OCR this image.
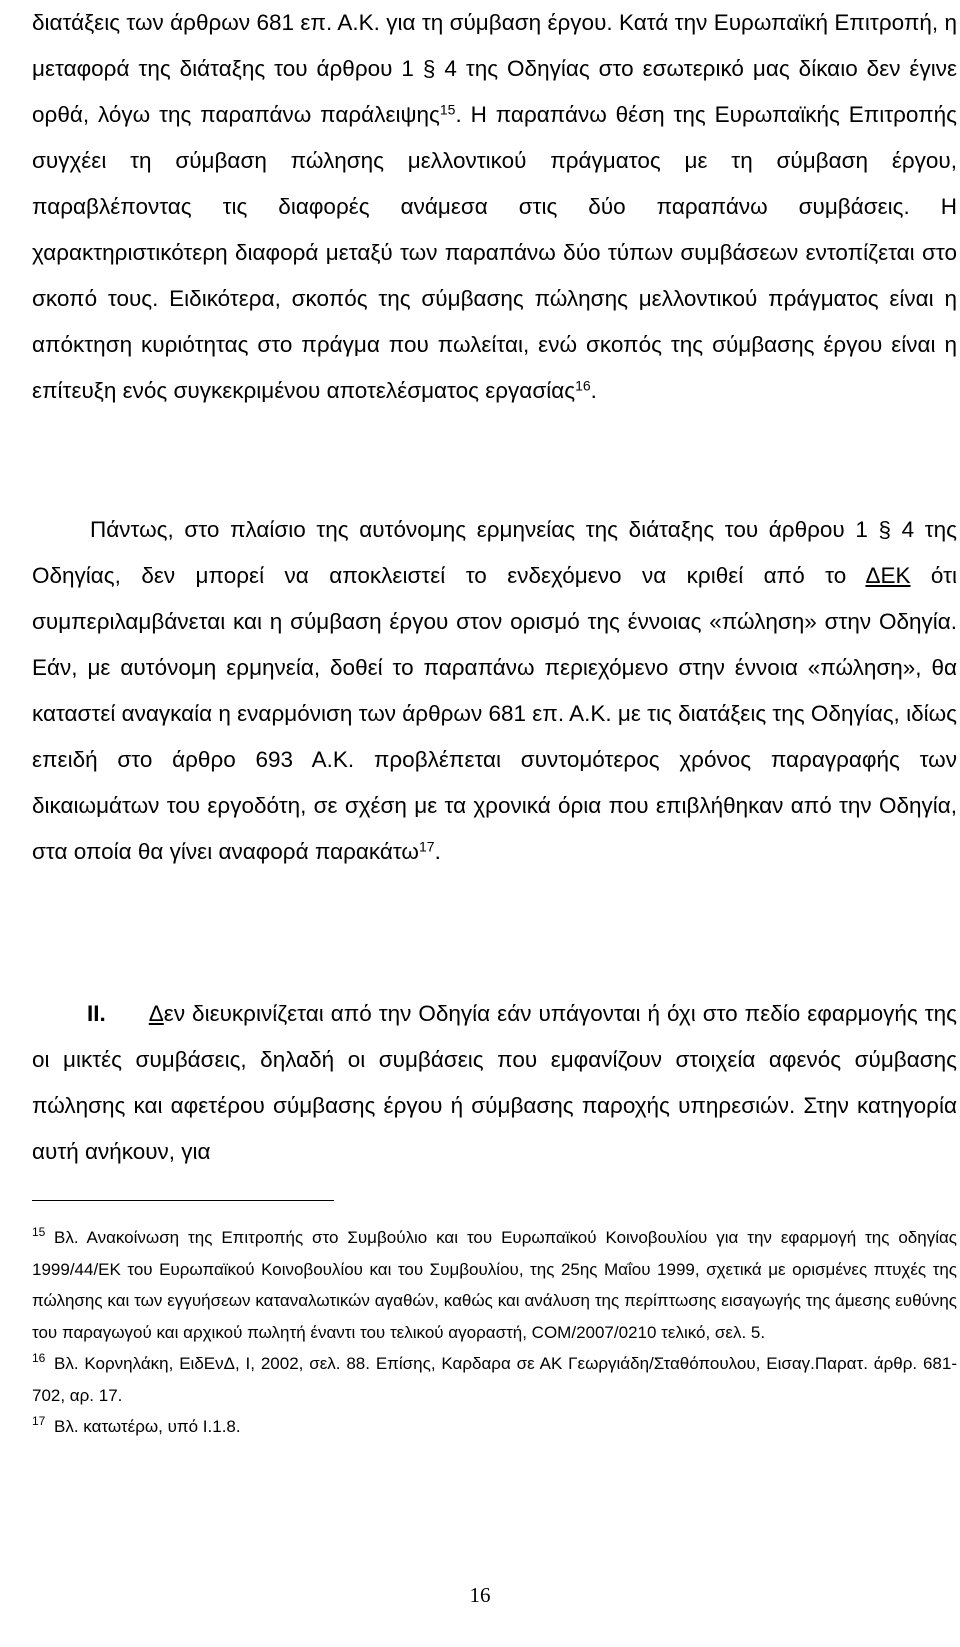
διατάξεις των άρθρων 681 επ. Α.Κ. για τη σύμβαση έργου. Κατά την Ευρωπαϊκή Επιτροπή, η μεταφορά της διάταξης του άρθρου 1 § 4 της Οδηγίας στο εσωτερικό μας δίκαιο δεν έγινε ορθά, λόγω της παραπάνω παράλειψης$^{15}$. Η παραπάνω θέση της Ευρωπαϊκής Επιτροπής συγχέει τη σύμβαση πώλησης μελλοντικού πράγματος με τη σύμβαση έργου, παραβλέποντας τις διαφορές ανάμεσα στις δύο παραπάνω συμβάσεις. Η χαρακτηριστικότερη διαφορά μεταξύ των παραπάνω δύο τύπων συμβάσεων εντοπίζεται στο σκοπό τους. Ειδικότερα, σκοπός της σύμβασης πώλησης μελλοντικού πράγματος είναι η απόκτηση κυριότητας στο πράγμα που πωλείται, ενώ σκοπός της σύμβασης έργου είναι η επίτευξη ενός συγκεκριμένου αποτελέσματος εργασίας$^{16}$.

Πάντως, στο πλαίσιο της αυτόνομης ερμηνείας της διάταξης του άρθρου 1 § 4 της Οδηγίας, δεν μπορεί να αποκλειστεί το ενδεχόμενο να κριθεί από το ΔΕΚ ότι συμπεριλαμβάνεται και η σύμβαση έργου στον ορισμό της έννοιας «πώληση» στην Οδηγία. Εάν, με αυτόνομη ερμηνεία, δοθεί το παραπάνω περιεχόμενο στην έννοια «πώληση», θα καταστεί αναγκαία η εναρμόνιση των άρθρων 681 επ. Α.Κ. με τις διατάξεις της Οδηγίας, ιδίως επειδή στο άρθρο 693 Α.Κ. προβλέπεται συντομότερος χρόνος παραγραφής των δικαιωμάτων του εργοδότη, σε σχέση με τα χρονικά όρια που επιβλήθηκαν από την Οδηγία, στα οποία θα γίνει αναφορά παρακάτω$^{17}$.

II. Δεν διευκρινίζεται από την Οδηγία εάν υπάγονται ή όχι στο πεδίο εφαρμογής της οι μικτές συμβάσεις, δηλαδή οι συμβάσεις που εμφανίζουν στοιχεία αφενός σύμβασης πώλησης και αφετέρου σύμβασης έργου ή σύμβασης παροχής υπηρεσιών. Στην κατηγορία αυτή ανήκουν, για

$^{15}$ Βλ. Ανακοίνωση της Επιτροπής στο Συμβούλιο και του Ευρωπαϊκού Κοινοβουλίου για την εφαρμογή της οδηγίας 1999/44/ΕΚ του Ευρωπαϊκού Κοινοβουλίου και του Συμβουλίου, της 25ης Μαΐου 1999, σχετικά με ορισμένες πτυχές της πώλησης και των εγγυήσεων καταναλωτικών αγαθών, καθώς και ανάλυση της περίπτωσης εισαγωγής της άμεσης ευθύνης του παραγωγού και αρχικού πωλητή έναντι του τελικού αγοραστή, COM/2007/0210 τελικό, σελ. 5.

$^{16}$ Βλ. Κορνηλάκη, ΕιδΕνΔ, Ι, 2002, σελ. 88. Επίσης, Καρδαρα σε ΑΚ Γεωργιάδη/Σταθόπουλου, Εισαγ.Παρατ. άρθρ. 681-702, αρ. 17.

$^{17}$ Βλ. κατωτέρω, υπό Ι.1.8.

16
